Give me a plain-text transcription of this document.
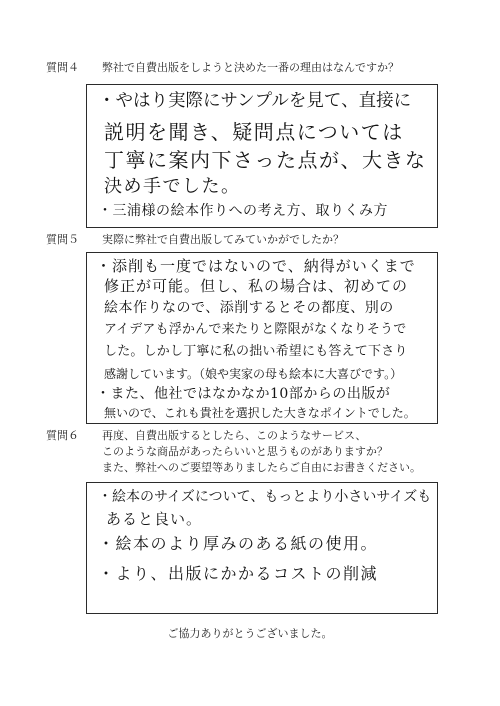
質問４	弊社で自費出版をしようと決めた一番の理由はなんですか？
・やはり実際にサンプルを見て、直接に
説明を聞き、疑問点については
丁寧に案内下さった点が、大きな
決め手でした。
・三浦様の絵本作りへの考え方、取りくみ方
質問５	実際に弊社で自費出版してみていかがでしたか？
・添削も一度ではないので、納得がいくまで
修正が可能。但し、私の場合は、初めての
絵本作りなので、添削するとその都度、別の
アイデアも浮かんで来たりと際限がなくなりそうで
した。しかし丁寧に私の拙い希望にも答えて下さり
感謝しています。（娘や実家の母も絵本に大喜びです。）
・また、他社ではなかなか10部からの出版が
無いので、これも貴社を選択した大きなポイントでした。
質問６	再度、自費出版するとしたら、このようなサービス、
このような商品があったらいいと思うものがありますか？
また、弊社へのご要望等ありましたらご自由にお書きください。
・絵本のサイズについて、もっとより小さいサイズも
あると良い。
・絵本のより厚みのある紙の使用。
・より、出版にかかるコストの削減
ご協力ありがとうございました。
